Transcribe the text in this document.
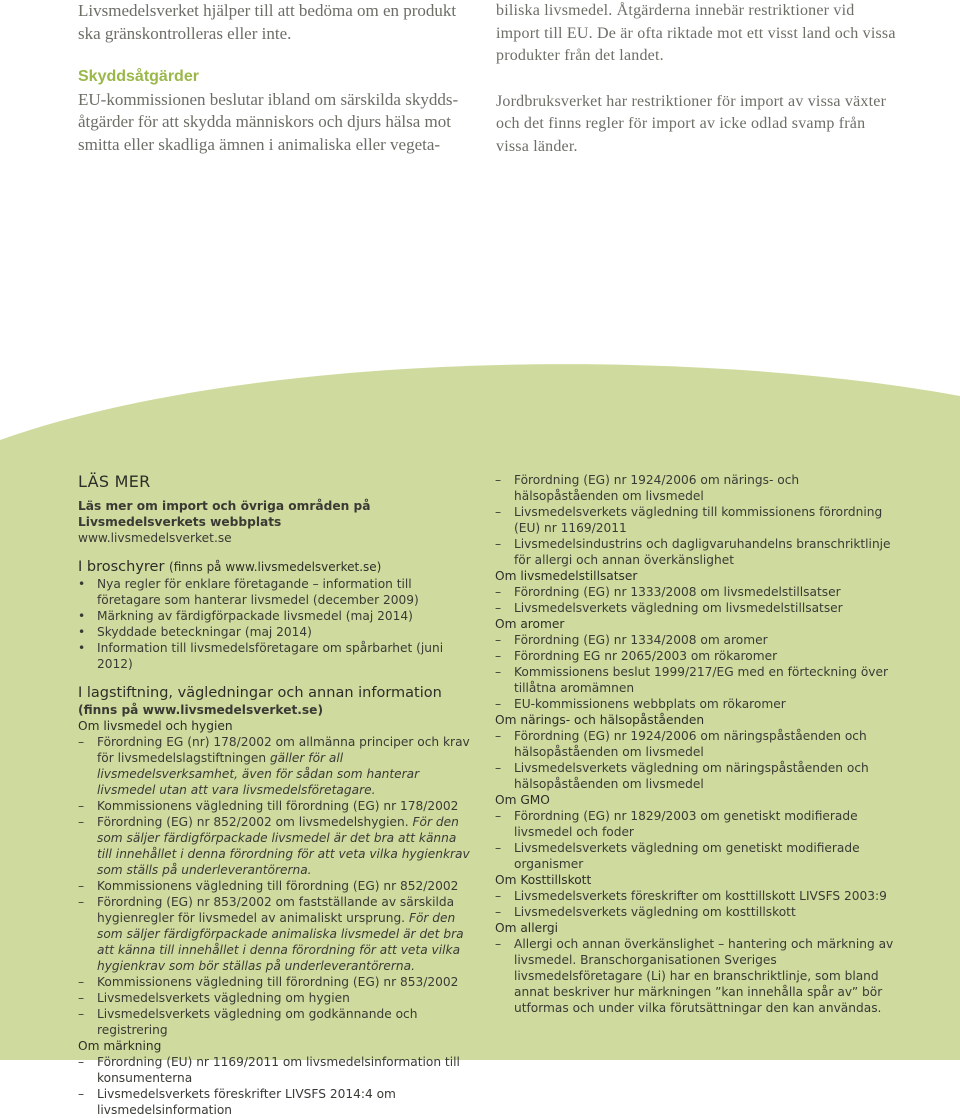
Livsmedelsverket hjälper till att bedöma om en produkt ska gränskontrolleras eller inte.

Skyddsåtgärder

EU-kommissionen beslutar ibland om särskilda skyddsåtgärder för att skydda människors och djurs hälsa mot smitta eller skadliga ämnen i animaliska eller vegeta-

biliska livsmedel. Åtgärderna innebär restriktioner vid import till EU. De är ofta riktade mot ett visst land och vissa produkter från det landet.

Jordbruksverket har restriktioner för import av vissa växter och det finns regler för import av icke odlad svamp från vissa länder.

LÄS MER
Läs mer om import och övriga områden på Livsmedelsverkets webbplats
www.livsmedelsverket.se
I broschyrer (finns på www.livsmedelsverket.se)
• Nya regler för enklare företagande – information till företagare som hanterar livsmedel (december 2009)
• Märkning av färdigförpackade livsmedel (maj 2014)
• Skyddade beteckningar (maj 2014)
• Information till livsmedelsföretagare om spårbarhet (juni 2012)
I lagstiftning, vägledningar och annan information
(finns på www.livsmedelsverket.se)
Om livsmedel och hygien
– Förordning EG (nr) 178/2002 om allmänna principer och krav för livsmedelslagstiftningen gäller för all livsmedelsverksamhet, även för sådan som hanterar livsmedel utan att vara livsmedelsföretagare.
– Kommissionens vägledning till förordning (EG) nr 178/2002
– Förordning (EG) nr 852/2002 om livsmedelshygien. För den som säljer färdigförpackade livsmedel är det bra att känna till innehållet i denna förordning för att veta vilka hygienkrav som ställs på underleverantörerna.
– Kommissionens vägledning till förordning (EG) nr 852/2002
– Förordning (EG) nr 853/2002 om fastställande av särskilda hygienregler för livsmedel av animaliskt ursprung. För den som säljer färdigförpackade animaliska livsmedel är det bra att känna till innehållet i denna förordning för att veta vilka hygienkrav som bör ställas på underleverantörerna.
– Kommissionens vägledning till förordning (EG) nr 853/2002
– Livsmedelsverkets vägledning om hygien
– Livsmedelsverkets vägledning om godkännande och registrering
Om märkning
– Förordning (EU) nr 1169/2011 om livsmedelsinformation till konsumenterna
– Livsmedelsverkets föreskrifter LIVSFS 2014:4 om livsmedelsinformation
– Förordning (EG) nr 1924/2006 om närings- och hälsopåståenden om livsmedel
– Livsmedelsverkets vägledning till kommissionens förordning (EU) nr 1169/2011
– Livsmedelsindustrins och dagligvaruhandelns branschriktlinje för allergi och annan överkänslighet
Om livsmedelstillsatser
– Förordning (EG) nr 1333/2008 om livsmedelstillsatser
– Livsmedelsverkets vägledning om livsmedelstillsatser
Om aromer
– Förordning (EG) nr 1334/2008 om aromer
– Förordning EG nr 2065/2003 om rökaromer
– Kommissionens beslut 1999/217/EG med en förteckning över tillåtna aromämnen
– EU-kommissionens webbplats om rökaromer
Om närings- och hälsopåståenden
– Förordning (EG) nr 1924/2006 om näringspåståenden och hälsopåståenden om livsmedel
– Livsmedelsverkets vägledning om näringspåståenden och hälsopåståenden om livsmedel
Om GMO
– Förordning (EG) nr 1829/2003 om genetiskt modifierade livsmedel och foder
– Livsmedelsverkets vägledning om genetiskt modifierade organismer
Om Kosttillskott
– Livsmedelsverkets föreskrifter om kosttillskott LIVSFS 2003:9
– Livsmedelsverkets vägledning om kosttillskott
Om allergi
– Allergi och annan överkänslighet – hantering och märkning av livsmedel. Branschorganisationen Sveriges livsmedelsföretagare (Li) har en branschriktlinje, som bland annat beskriver hur märkningen ”kan innehålla spår av” bör utformas och under vilka förutsättningar den kan användas.
